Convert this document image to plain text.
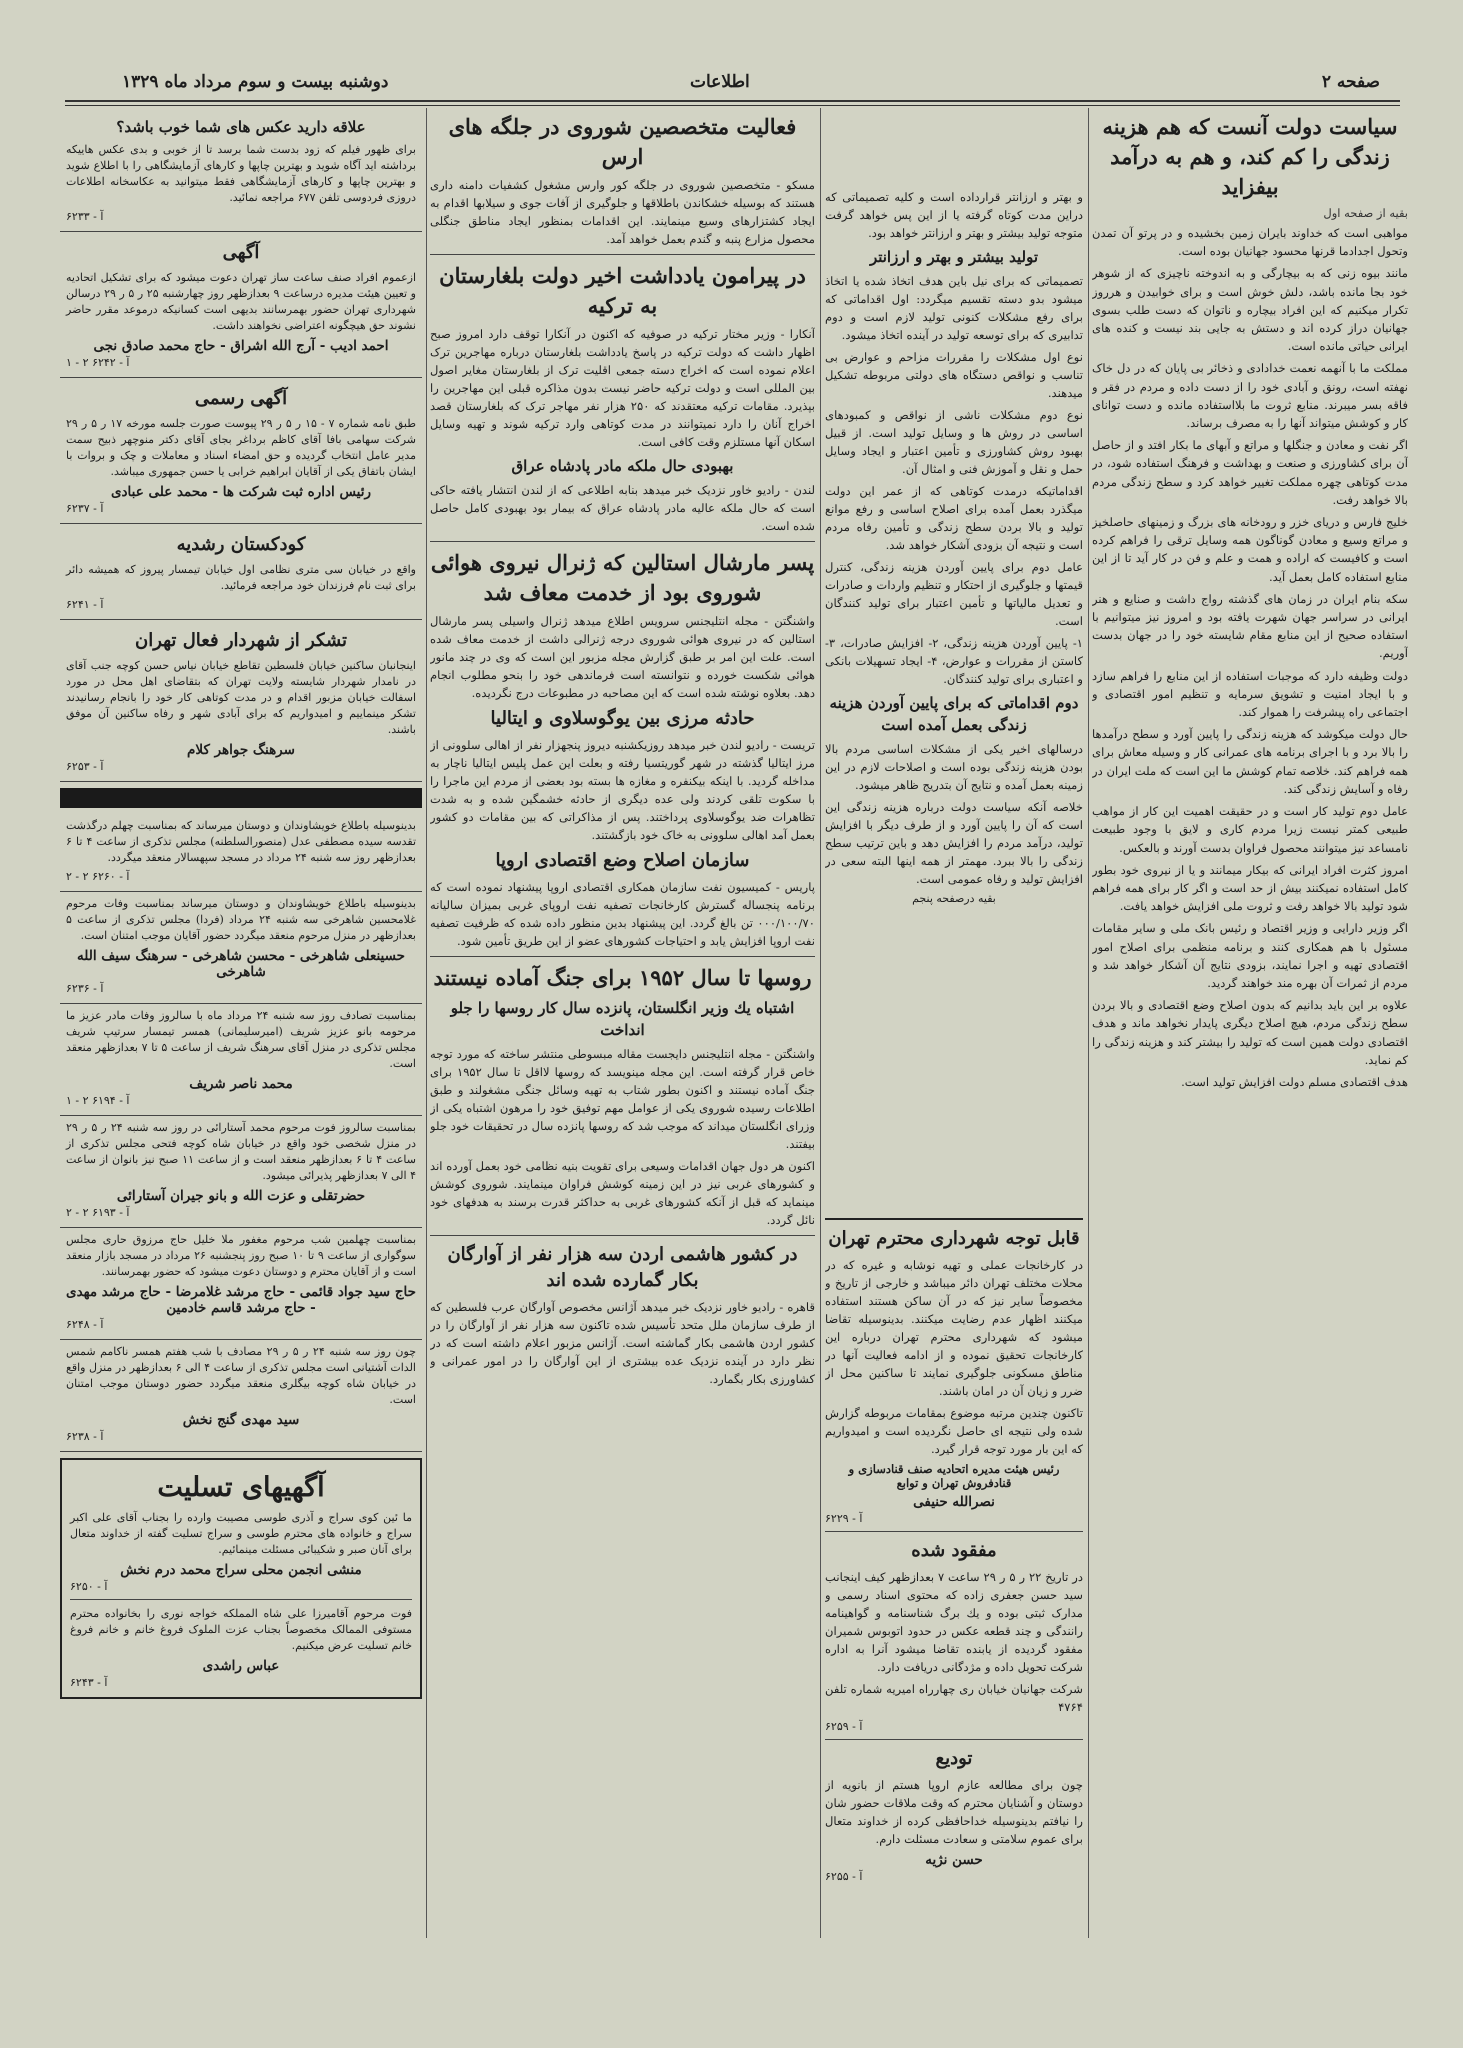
صفحه ۲
اطلاعات
دوشنبه بیست و سوم مرداد ماه ۱۳۲۹
سیاست دولت آنست که هم هزینه زندگی را کم کند، و هم به درآمد بیفزاید
بقیه از صفحه اول

مواهبی است که خداوند بایران زمین بخشیده و در پرتو آن تمدن وتحول اجدادما قرنها محسود جهانیان بوده است.

مانند بیوه زنی که به بیچارگی و به اندوخته ناچیزی که از شوهر خود بجا مانده باشد، دلش خوش است و برای خوابیدن و هرروز تکرار میکنیم که این افراد بیچاره و ناتوان که دست طلب بسوی جهانیان دراز کرده اند و دستش به جایی بند نیست و کنده های ایرانی حیاتی مانده است.

مملکت ما با آنهمه نعمت خدادادی و ذخائر بی پایان که در دل خاک نهفته است، رونق و آبادی خود را از دست داده و مردم در فقر و فاقه بسر میبرند. منابع ثروت ما بلااستفاده مانده و دست توانای کار و کوشش میتواند آنها را به مصرف برساند.

اگر نفت و معادن و جنگلها و مراتع و آبهای ما بکار افتد و از حاصل آن برای کشاورزی و صنعت و بهداشت و فرهنگ استفاده شود، در مدت کوتاهی چهره مملکت تغییر خواهد کرد و سطح زندگی مردم بالا خواهد رفت.

خلیج فارس و دریای خزر و رودخانه های بزرگ و زمینهای حاصلخیز و مراتع وسیع و معادن گوناگون همه وسایل ترقی را فراهم کرده است و کافیست که اراده و همت و علم و فن در کار آید تا از این منابع استفاده کامل بعمل آید.

سکه بنام ایران در زمان های گذشته رواج داشت و صنایع و هنر ایرانی در سراسر جهان شهرت یافته بود و امروز نیز میتوانیم با استفاده صحیح از این منابع مقام شایسته خود را در جهان بدست آوریم.

دولت وظیفه دارد که موجبات استفاده از این منابع را فراهم سازد و با ایجاد امنیت و تشویق سرمایه و تنظیم امور اقتصادی و اجتماعی راه پیشرفت را هموار کند.

حال دولت میکوشد که هزینه زندگی را پایین آورد و سطح درآمدها را بالا برد و با اجرای برنامه های عمرانی کار و وسیله معاش برای همه فراهم کند. خلاصه تمام کوشش ما این است که ملت ایران در رفاه و آسایش زندگی کند.

عامل دوم تولید کار است و در حقیقت اهمیت این کار از مواهب طبیعی کمتر نیست زیرا مردم کاری و لایق با وجود طبیعت نامساعد نیز میتوانند محصول فراوان بدست آورند و بالعکس.

امروز کثرت افراد ایرانی که بیکار میمانند و یا از نیروی خود بطور کامل استفاده نمیکنند بیش از حد است و اگر کار برای همه فراهم شود تولید بالا خواهد رفت و ثروت ملی افزایش خواهد یافت.

اگر وزیر دارایی و وزیر اقتصاد و رئیس بانک ملی و سایر مقامات مسئول با هم همکاری کنند و برنامه منظمی برای اصلاح امور اقتصادی تهیه و اجرا نمایند، بزودی نتایج آن آشکار خواهد شد و مردم از ثمرات آن بهره مند خواهند گردید.

علاوه بر این باید بدانیم که بدون اصلاح وضع اقتصادی و بالا بردن سطح زندگی مردم، هیچ اصلاح دیگری پایدار نخواهد ماند و هدف اقتصادی دولت همین است که تولید را بیشتر کند و هزینه زندگی را کم نماید.

هدف اقتصادی مسلم دولت افزایش تولید است.

و بهتر و ارزانتر قرارداده است و کلیه تصمیماتی که دراین مدت کوتاه گرفته یا از این پس خواهد گرفت متوجه تولید بیشتر و بهتر و ارزانتر خواهد بود.

تولید بیشتر و بهتر و ارزانتر

تصمیماتی که برای نیل باین هدف اتخاذ شده یا اتخاذ میشود بدو دسته تقسیم میگردد: اول اقداماتی که برای رفع مشکلات کنونی تولید لازم است و دوم تدابیری که برای توسعه تولید در آینده اتخاذ میشود.

نوع اول مشکلات را مقررات مزاحم و عوارض بی تناسب و نواقص دستگاه های دولتی مربوطه تشکیل میدهند.

نوع دوم مشکلات ناشی از نواقص و کمبودهای اساسی در روش ها و وسایل تولید است. از قبیل بهبود روش کشاورزی و تأمین اعتبار و ایجاد وسایل حمل و نقل و آموزش فنی و امثال آن.

اقداماتیکه درمدت کوتاهی که از عمر این دولت میگذرد بعمل آمده برای اصلاح اساسی و رفع موانع تولید و بالا بردن سطح زندگی و تأمین رفاه مردم است و نتیجه آن بزودی آشکار خواهد شد.

عامل دوم برای پایین آوردن هزینه زندگی، کنترل قیمتها و جلوگیری از احتکار و تنظیم واردات و صادرات و تعدیل مالیاتها و تأمین اعتبار برای تولید کنندگان است.

۱- پایین آوردن هزینه زندگی، ۲- افزایش صادرات، ۳- کاستن از مقررات و عوارض، ۴- ایجاد تسهیلات بانکی و اعتباری برای تولید کنندگان.

دوم اقداماتی که برای پایین آوردن هزینه زندگی بعمل آمده است

درسالهای اخیر یکی از مشکلات اساسی مردم بالا بودن هزینه زندگی بوده است و اصلاحات لازم در این زمینه بعمل آمده و نتایج آن بتدریج ظاهر میشود.

خلاصه آنکه سیاست دولت درباره هزینه زندگی این است که آن را پایین آورد و از طرف دیگر با افزایش تولید، درآمد مردم را افزایش دهد و باین ترتیب سطح زندگی را بالا ببرد. مهمتر از همه اینها البته سعی در افزایش تولید و رفاه عمومی است.

بقیه درصفحه پنجم
قابل توجه شهرداری محترم تهران

در کارخانجات عملی و تهیه نوشابه و غیره که در محلات مختلف تهران دائر میباشد و خارجی از تاریخ و مخصوصاً سایر نیز که در آن ساکن هستند استفاده میکنند اظهار عدم رضایت میکنند. بدینوسیله تقاضا میشود که شهرداری محترم تهران درباره این کارخانجات تحقیق نموده و از ادامه فعالیت آنها در مناطق مسکونی جلوگیری نمایند تا ساکنین محل از ضرر و زیان آن در امان باشند.

تاکنون چندین مرتبه موضوع بمقامات مربوطه گزارش شده ولی نتیجه ای حاصل نگردیده است و امیدواریم که این بار مورد توجه قرار گیرد.

رئیس هیئت مدیره اتحادیه صنف قنادسازی و قنادفروش تهران و توابع
نصرالله حنیفی
آ - ۶۲۲۹
مفقود شده

در تاریخ ۲۲ ر ۵ ر ۲۹ ساعت ۷ بعدازظهر کیف اینجانب سید حسن جعفری زاده که محتوی اسناد رسمی و مدارک ثبتی بوده و یك برگ شناسنامه و گواهینامه رانندگی و چند قطعه عکس در حدود اتوبوس شمیران مفقود گردیده از یابنده تقاضا میشود آنرا به اداره شرکت تحویل داده و مژدگانی دریافت دارد.

شرکت جهانیان خیابان ری چهارراه امیریه شماره تلفن ۴۷۶۴

آ - ۶۲۵۹
تودیع

چون برای مطالعه عازم اروپا هستم از بانویه از دوستان و آشنایان محترم که وقت ملاقات حضور شان را نیافتم بدینوسیله خداحافظی کرده از خداوند متعال برای عموم سلامتی و سعادت مسئلت دارم.

حسن نژیه
آ - ۶۲۵۵
فعالیت متخصصین شوروی در جلگه های ارس

مسکو - متخصصین شوروی در جلگه کور وارس مشغول کشفیات دامنه داری هستند که بوسیله خشکاندن باطلاقها و جلوگیری از آفات جوی و سیلابها اقدام به ایجاد کشتزارهای وسیع مینمایند. این اقدامات بمنظور ایجاد مناطق جنگلی محصول مزارع پنبه و گندم بعمل خواهد آمد.

در پیرامون یادداشت اخیر دولت بلغارستان به ترکیه

آنکارا - وزیر مختار ترکیه در صوفیه که اکنون در آنکارا توقف دارد امروز صبح اظهار داشت که دولت ترکیه در پاسخ یادداشت بلغارستان درباره مهاجرین ترک اعلام نموده است که اخراج دسته جمعی اقلیت ترک از بلغارستان مغایر اصول بین المللی است و دولت ترکیه حاضر نیست بدون مذاکره قبلی این مهاجرین را بپذیرد. مقامات ترکیه معتقدند که ۲۵۰ هزار نفر مهاجر ترک که بلغارستان قصد اخراج آنان را دارد نمیتوانند در مدت کوتاهی وارد ترکیه شوند و تهیه وسایل اسکان آنها مستلزم وقت کافی است.

بهبودی حال ملکه مادر پادشاه عراق

لندن - رادیو خاور نزدیک خبر میدهد بنابه اطلاعی که از لندن انتشار یافته حاکی است که حال ملکه عالیه مادر پادشاه عراق که بیمار بود بهبودی کامل حاصل شده است.

پسر مارشال استالین که ژنرال نیروی هوائی شوروی بود از خدمت معاف شد

واشنگتن - مجله انتلیجنس سرویس اطلاع میدهد ژنرال واسیلی پسر مارشال استالین که در نیروی هوائی شوروی درجه ژنرالی داشت از خدمت معاف شده است. علت این امر بر طبق گزارش مجله مزبور این است که وی در چند مانور هوائی شکست خورده و نتوانسته است فرماندهی خود را بنحو مطلوب انجام دهد. بعلاوه نوشته شده است که این مصاحبه در مطبوعات درج نگردیده.

حادثه مرزی بین یوگوسلاوی و ایتالیا

تریست - رادیو لندن خبر میدهد روزیکشنبه دیروز پنجهزار نفر از اهالی سلوونی از مرز ایتالیا گذشته در شهر گوریتسیا رفته و بعلت این عمل پلیس ایتالیا ناچار به مداخله گردید. با اینکه بیکنفره و مغازه ها بسته بود بعضی از مردم این ماجرا را با سکوت تلقی کردند ولی عده دیگری از حادثه خشمگین شده و به شدت تظاهرات ضد یوگوسلاوی پرداختند. پس از مذاکراتی که بین مقامات دو کشور بعمل آمد اهالی سلوونی به خاک خود بازگشتند.

سازمان اصلاح وضع اقتصادی اروپا

پاریس - کمیسیون نفت سازمان همکاری اقتصادی اروپا پیشنهاد نموده است که برنامه پنجساله گسترش کارخانجات تصفیه نفت اروپای غربی بمیزان سالیانه ۰۰۰/۱۰۰/۷۰ تن بالغ گردد. این پیشنهاد بدین منظور داده شده که ظرفیت تصفیه نفت اروپا افزایش یابد و احتیاجات کشورهای عضو از این طریق تأمین شود.

روسها تا سال ۱۹۵۲ برای جنگ آماده نیستند
اشتباه یك وزیر انگلستان، پانزده سال کار روسها را جلو انداخت

واشنگتن - مجله انتلیجنس دایجست مقاله مبسوطی منتشر ساخته که مورد توجه خاص قرار گرفته است. این مجله مینویسد که روسها لااقل تا سال ۱۹۵۲ برای جنگ آماده نیستند و اکنون بطور شتاب به تهیه وسائل جنگی مشغولند و طبق اطلاعات رسیده شوروی یکی از عوامل مهم توفیق خود را مرهون اشتباه یکی از وزرای انگلستان میداند که موجب شد که روسها پانزده سال در تحقیقات خود جلو بیفتند.

اکنون هر دول جهان اقدامات وسیعی برای تقویت بنیه نظامی خود بعمل آورده اند و کشورهای غربی نیز در این زمینه کوشش فراوان مینمایند. شوروی کوشش مینماید که قبل از آنکه کشورهای غربی به حداکثر قدرت برسند به هدفهای خود نائل گردد.

در کشور هاشمی اردن سه هزار نفر از آوارگان بکار گمارده شده اند

قاهره - رادیو خاور نزدیک خبر میدهد آژانس مخصوص آوارگان عرب فلسطین که از طرف سازمان ملل متحد تأسیس شده تاکنون سه هزار نفر از آوارگان را در کشور اردن هاشمی بکار گماشته است. آژانس مزبور اعلام داشته است که در نظر دارد در آینده نزدیک عده بیشتری از این آوارگان را در امور عمرانی و کشاورزی بکار بگمارد.

علاقه دارید عکس های شما خوب باشد؟

برای ظهور فیلم که زود بدست شما برسد تا از خوبی و بدی عکس هاییکه برداشته اید آگاه شوید و بهترین چاپها و کارهای آزمایشگاهی را با اطلاع شوید و بهترین چاپها و کارهای آزمایشگاهی فقط میتوانید به عکاسخانه اطلاعات دروزی فردوسی تلفن ۶۷۷ مراجعه نمائید.

آ - ۶۲۳۳
آگهی

ازعموم افراد صنف ساعت ساز تهران دعوت میشود که برای تشکیل اتحادیه و تعیین هیئت مدیره درساعت ۹ بعدازظهر روز چهارشنبه ۲۵ ر ۵ ر ۲۹ درسالن شهرداری تهران حضور بهمرسانند بدیهی است کسانیکه درموعد مقرر حاضر نشوند حق هیچگونه اعتراضی نخواهند داشت.

احمد ادیب - آرج الله اشراق - حاج محمد صادق نجی
آ - ۶۲۴۲ ۲ - ۱
آگهی رسمی

طبق نامه شماره ۷ - ۱۵ ر ۵ ر ۲۹ پیوست صورت جلسه مورخه ۱۷ ر ۵ ر ۲۹ شرکت سهامی بافا آقای کاظم برداغر بجای آقای دکتر منوچهر ذبیح سمت مدیر عامل انتخاب گردیده و حق امضاء اسناد و معاملات و چک و بروات با ایشان باتفاق یکی از آقایان ابراهیم خرابی یا حسن جمهوری میباشد.

رئیس اداره ثبت شرکت ها - محمد علی عبادی
آ - ۶۲۳۷
کودکستان رشدیه

واقع در خیابان سی متری نظامی اول خیابان تیمسار پیروز که همیشه دائر برای ثبت نام فرزندان خود مراجعه فرمائید.

آ - ۶۲۴۱
تشکر از شهردار فعال تهران

اینجانبان ساکنین خیابان فلسطین تقاطع خیابان نیاس حسن کوچه جنب آقای در نامدار شهردار شایسته ولایت تهران که بتقاضای اهل محل در مورد اسفالت خیابان مزبور اقدام و در مدت کوتاهی کار خود را بانجام رسانیدند تشکر مینماییم و امیدواریم که برای آبادی شهر و رفاه ساکنین آن موفق باشند.

سرهنگ جواهر کلام
آ - ۶۲۵۳

بدینوسیله باطلاع خویشاوندان و دوستان میرساند که بمناسبت چهلم درگذشت تقدسه سیده مصطفی عدل (منصورالسلطنه) مجلس تذکری از ساعت ۴ تا ۶ بعدازظهر روز سه شنبه ۲۴ مرداد در مسجد سپهسالار منعقد میگردد.

آ - ۶۲۶۰ ۲ - ۲

بدینوسیله باطلاع خویشاوندان و دوستان میرساند بمناسبت وفات مرحوم غلامحسین شاهرخی سه شنبه ۲۴ مرداد (فردا) مجلس تذکری از ساعت ۵ بعدازظهر در منزل مرحوم منعقد میگردد حضور آقایان موجب امتنان است.

حسینعلی شاهرخی - محسن شاهرخی - سرهنگ سیف الله شاهرخی
آ - ۶۲۳۶

بمناسبت تصادف روز سه شنبه ۲۴ مرداد ماه با سالروز وفات مادر عزیز ما مرحومه بانو عزیز شریف (امیرسلیمانی) همسر تیمسار سرتیپ شریف مجلس تذکری در منزل آقای سرهنگ شریف از ساعت ۵ تا ۷ بعدازظهر منعقد است.

محمد ناصر شریف
آ - ۶۱۹۴ ۲ - ۱

بمناسبت سالروز فوت مرحوم محمد آستارائی در روز سه شنبه ۲۴ ر ۵ ر ۲۹ در منزل شخصی خود واقع در خیابان شاه کوچه فتحی مجلس تذکری از ساعت ۴ تا ۶ بعدازظهر منعقد است و از ساعت ۱۱ صبح نیز بانوان از ساعت ۴ الی ۷ بعدازظهر پذیرائی میشود.

حضرتقلی و عزت الله و بانو جیران آستارائی
آ - ۶۱۹۳ ۲ - ۲

بمناسبت چهلمین شب مرحوم مغفور ملا خلیل حاج مرزوق حاری مجلس سوگواری از ساعت ۹ تا ۱۰ صبح روز پنجشنبه ۲۶ مرداد در مسجد بازار منعقد است و از آقایان محترم و دوستان دعوت میشود که حضور بهمرسانند.

حاج سید جواد قائمی - حاج مرشد غلامرضا - حاج مرشد مهدی - حاج مرشد قاسم خادمین
آ - ۶۲۴۸

چون روز سه شنبه ۲۴ ر ۵ ر ۲۹ مصادف با شب هفتم همسر ناکامم شمس الدات آشتیانی است مجلس تذکری از ساعت ۴ الی ۶ بعدازظهر در منزل واقع در خیابان شاه کوچه بیگلری منعقد میگردد حضور دوستان موجب امتنان است.

سید مهدی گنج نخش
آ - ۶۲۳۸
آگهیهای تسلیت

ما ئین کوی سراج و آذری طوسی مصیبت وارده را بجناب آقای علی اکبر سراج و خانواده های محترم طوسی و سراج تسلیت گفته از خداوند متعال برای آنان صبر و شکیبائی مسئلت مینمائیم.

منشی انجمن محلی سراج محمد درم نخش
آ - ۶۲۵۰

فوت مرحوم آقامیرزا علی شاه المملکه خواجه نوری را بخانواده محترم مستوفی الممالک مخصوصاً بجناب عزت الملوک فروغ خانم و خانم فروغ خانم تسلیت عرض میکنیم.

عباس راشدی
آ - ۶۲۴۳
